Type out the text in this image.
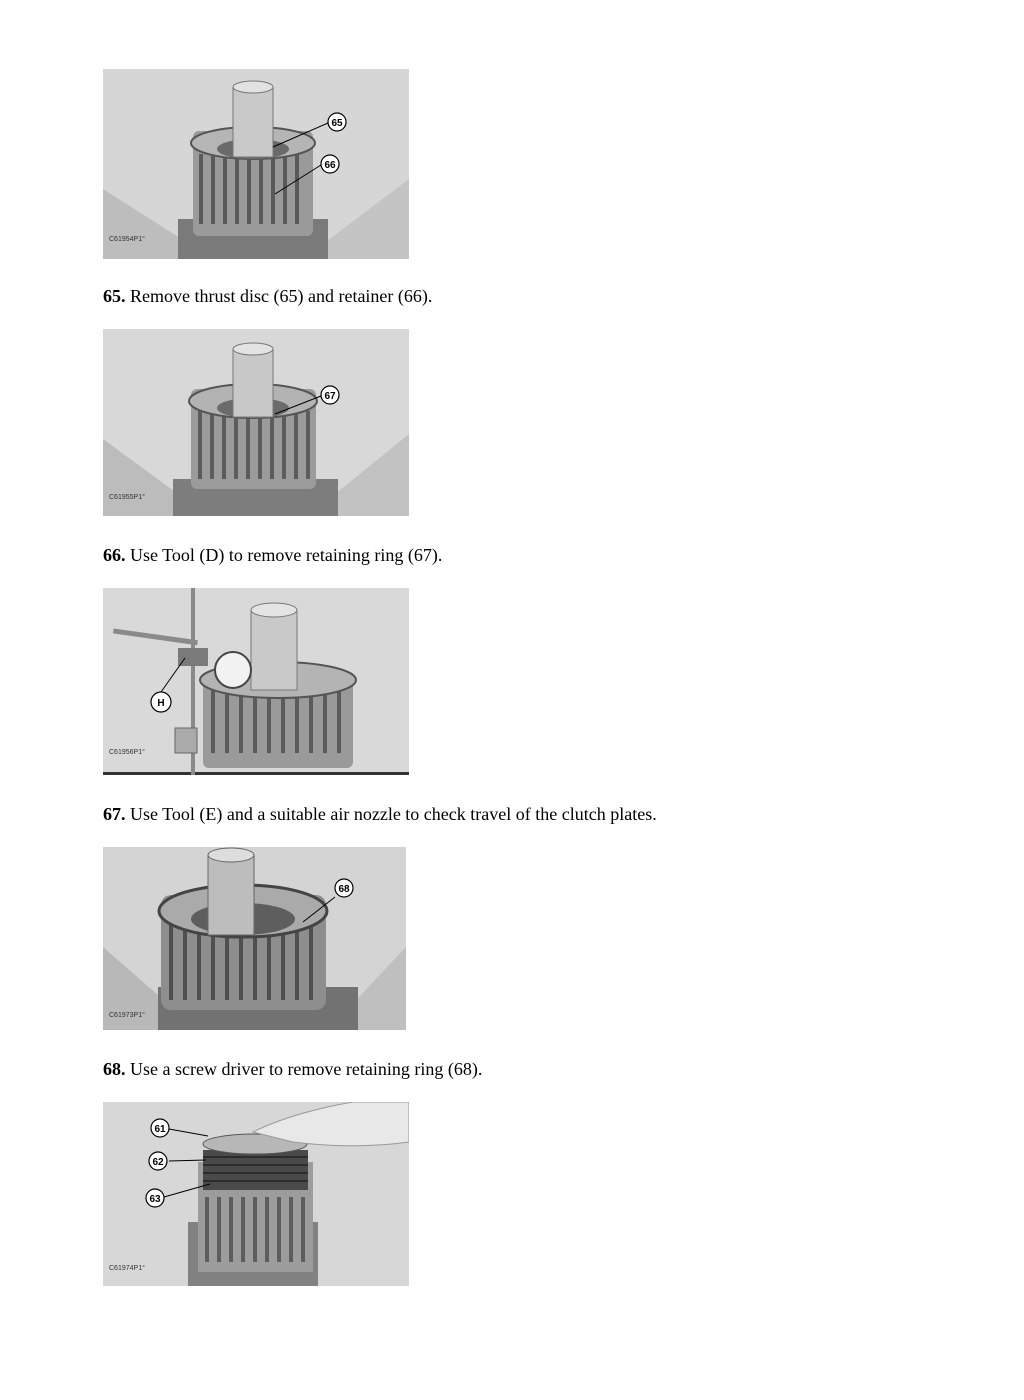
65
66
C61954P1°
65. Remove thrust disc (65) and retainer (66).
67
C61955P1°
66. Use Tool (D) to remove retaining ring (67).
H
C61956P1°
67. Use Tool (E) and a suitable air nozzle to check travel of the clutch plates.
68
C61973P1°
68. Use a screw driver to remove retaining ring (68).
61
62
63
C61974P1°
